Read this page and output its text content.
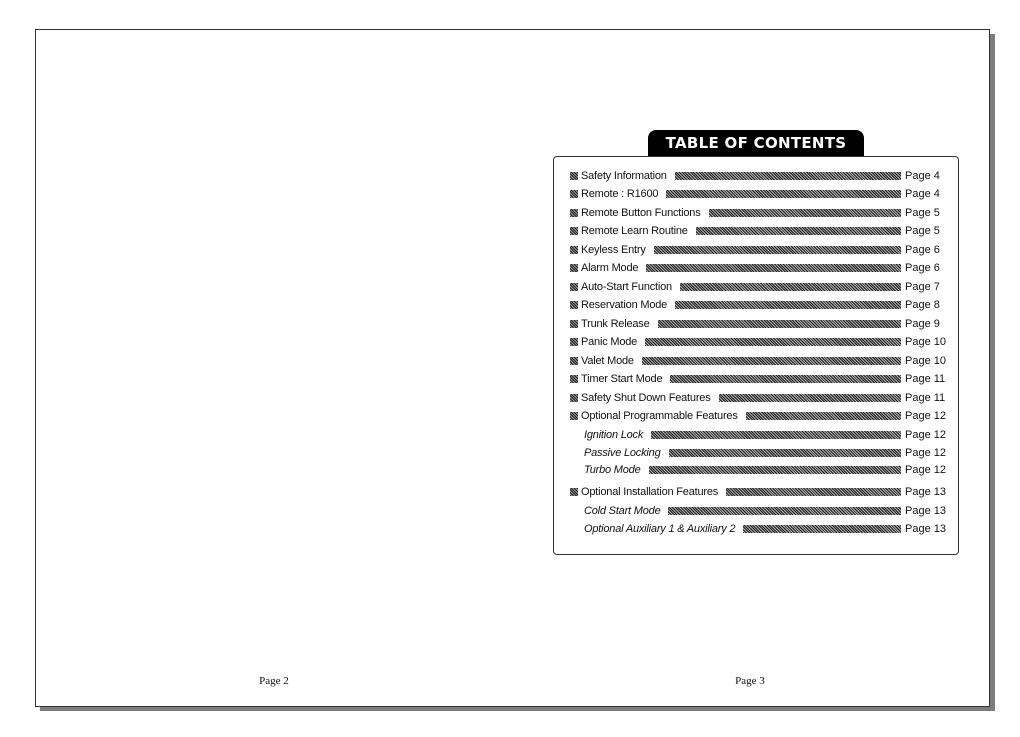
TABLE OF CONTENTS
Safety Information	Page 4
Remote : R1600	Page 4
Remote Button Functions	Page 5
Remote Learn Routine	Page 5
Keyless Entry	Page 6
Alarm Mode	Page 6
Auto-Start Function	Page 7
Reservation Mode	Page 8
Trunk Release	Page 9
Panic Mode	Page 10
Valet Mode	Page 10
Timer Start Mode	Page 11
Safety Shut Down Features	Page 11
Optional Programmable Features	Page 12
Ignition Lock	Page 12
Passive Locking	Page 12
Turbo Mode	Page 12
Optional Installation Features	Page 13
Cold Start Mode	Page 13
Optional Auxiliary 1 & Auxiliary 2	Page 13
Page 2	Page 3
